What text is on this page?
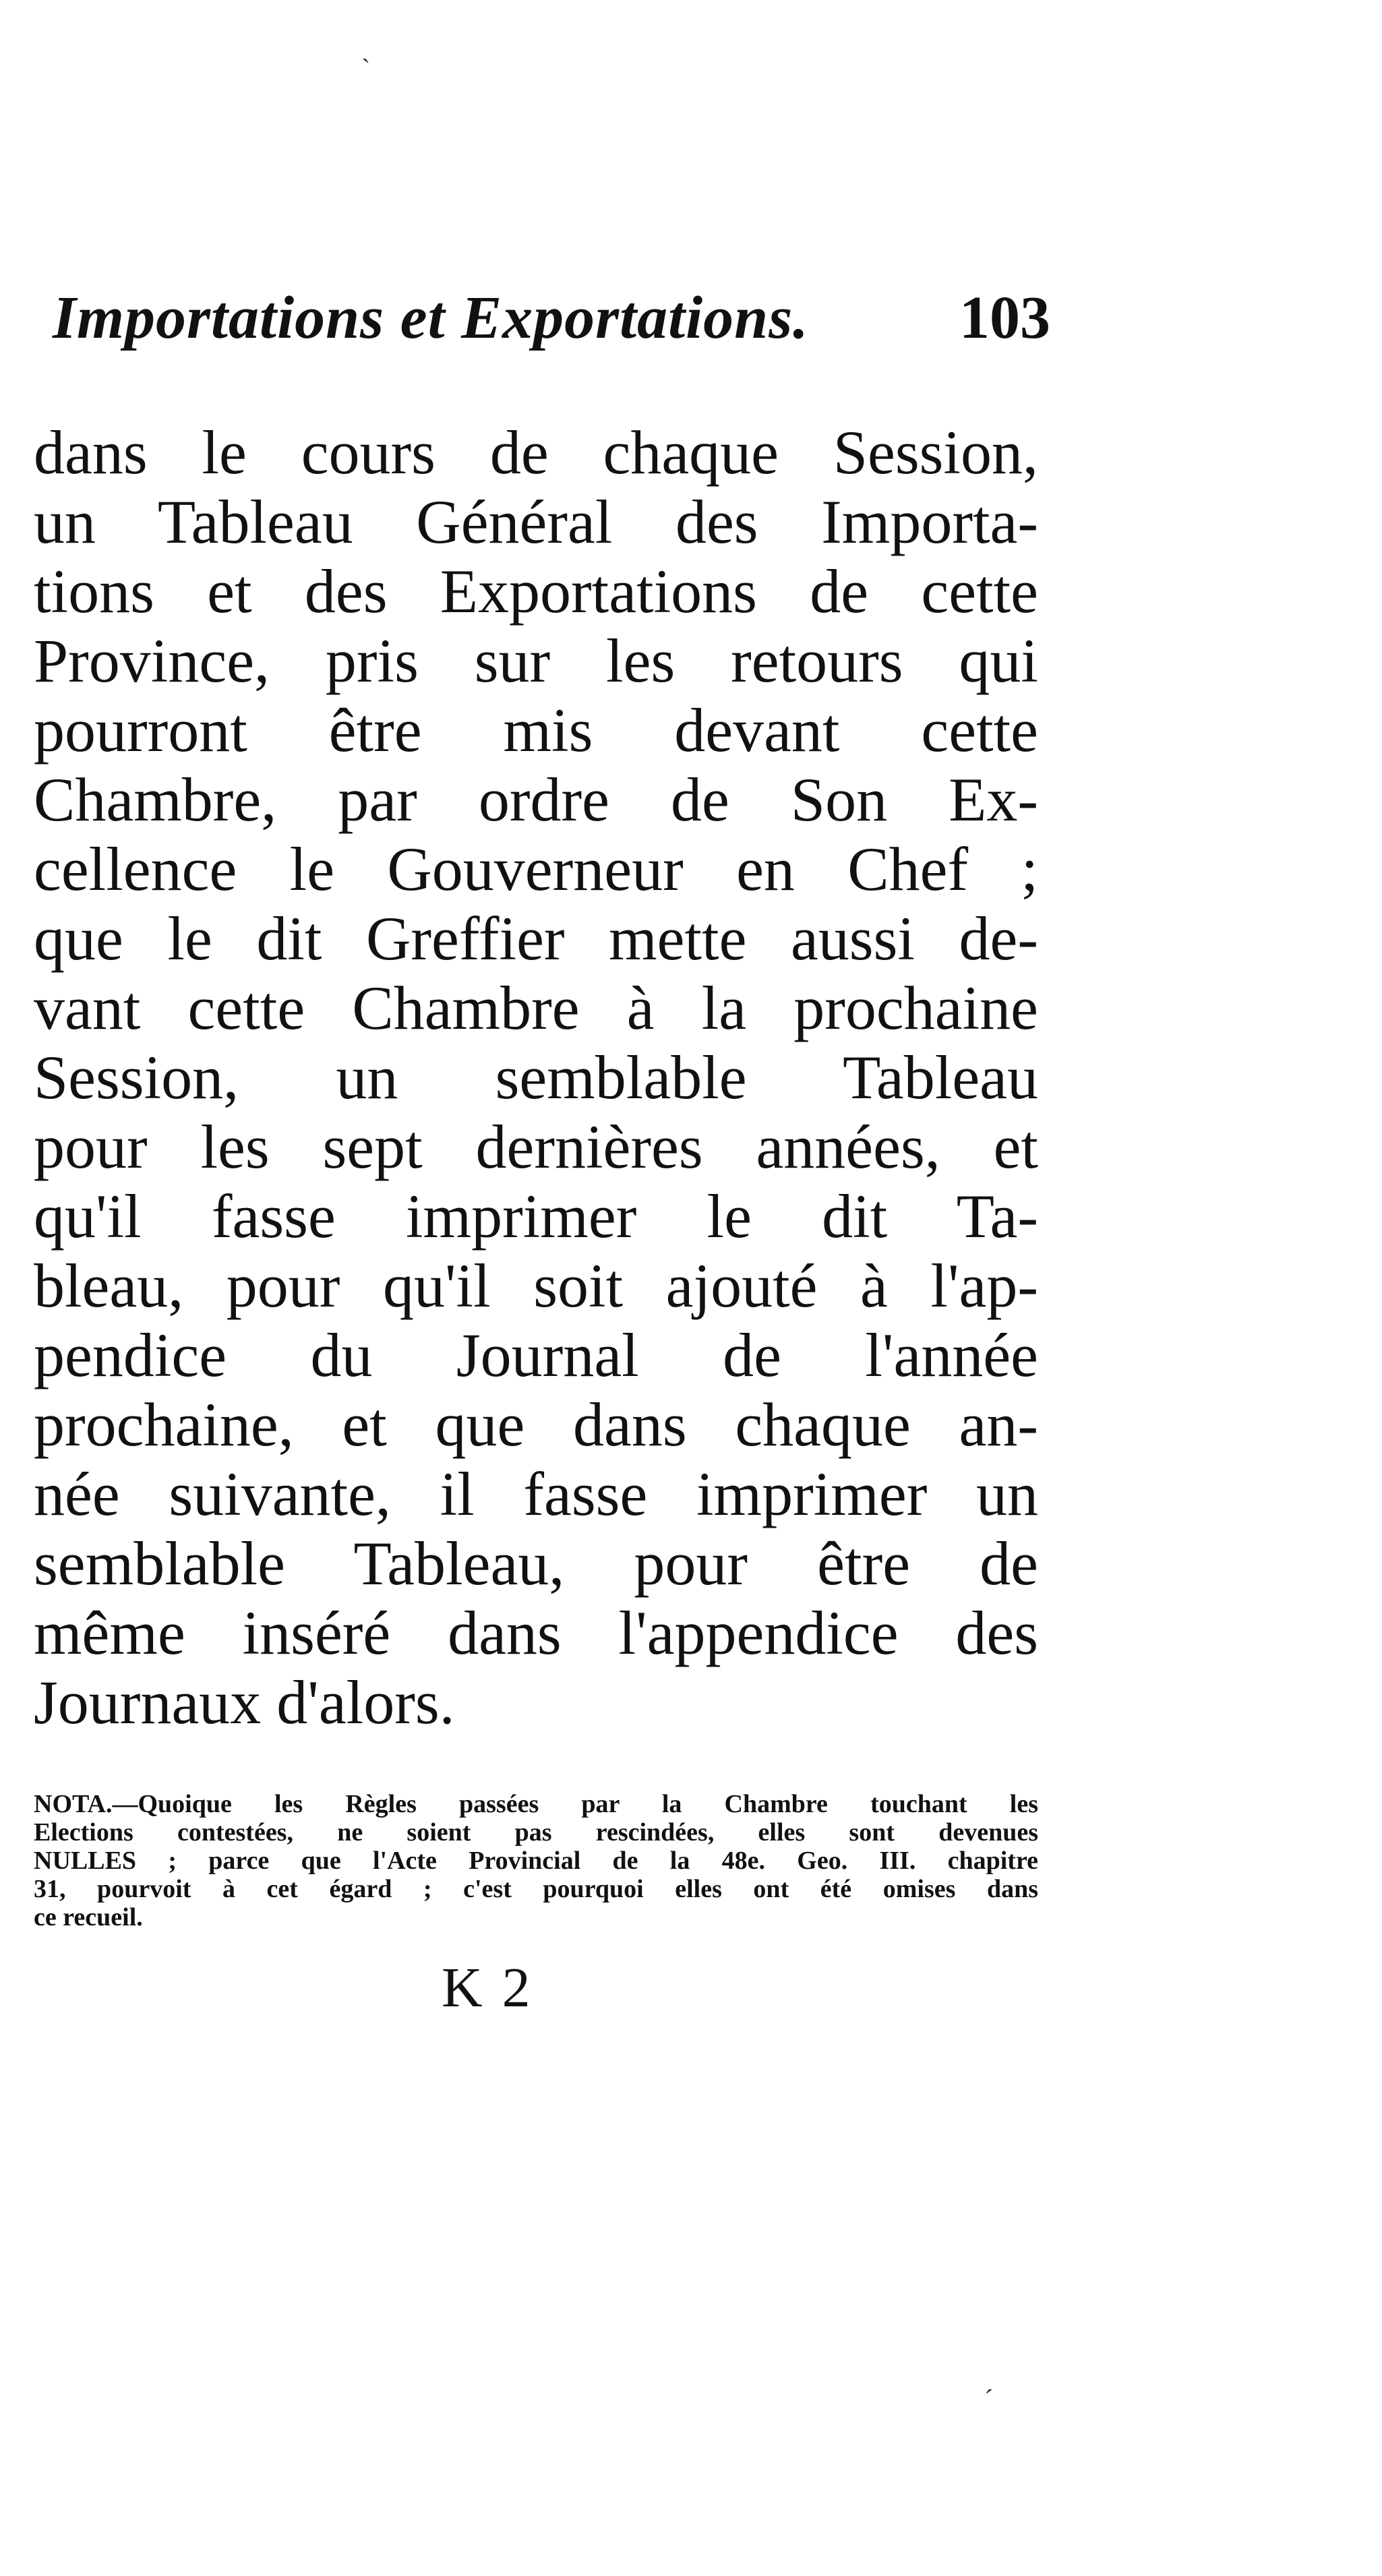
ˋ
Importations et Exportations. 103
dans le cours de chaque Session,
un Tableau Général des Importa-
tions et des Exportations de cette
Province, pris sur les retours qui
pourront être mis devant cette
Chambre, par ordre de Son Ex-
cellence le Gouverneur en Chef ;
que le dit Greffier mette aussi de-
vant cette Chambre à la prochaine
Session, un semblable Tableau
pour les sept dernières années, et
qu'il fasse imprimer le dit Ta-
bleau, pour qu'il soit ajouté à l'ap-
pendice du Journal de l'année
prochaine, et que dans chaque an-
née suivante, il fasse imprimer un
semblable Tableau, pour être de
même inséré dans l'appendice des
Journaux d'alors.
NOTA.—Quoique les Règles passées par la Chambre touchant les
Elections contestées, ne soient pas rescindées, elles sont devenues
NULLES ; parce que l'Acte Provincial de la 48e. Geo. III. chapitre
31, pourvoit à cet égard ; c'est pourquoi elles ont été omises dans
ce recueil.
K 2
ˊ
